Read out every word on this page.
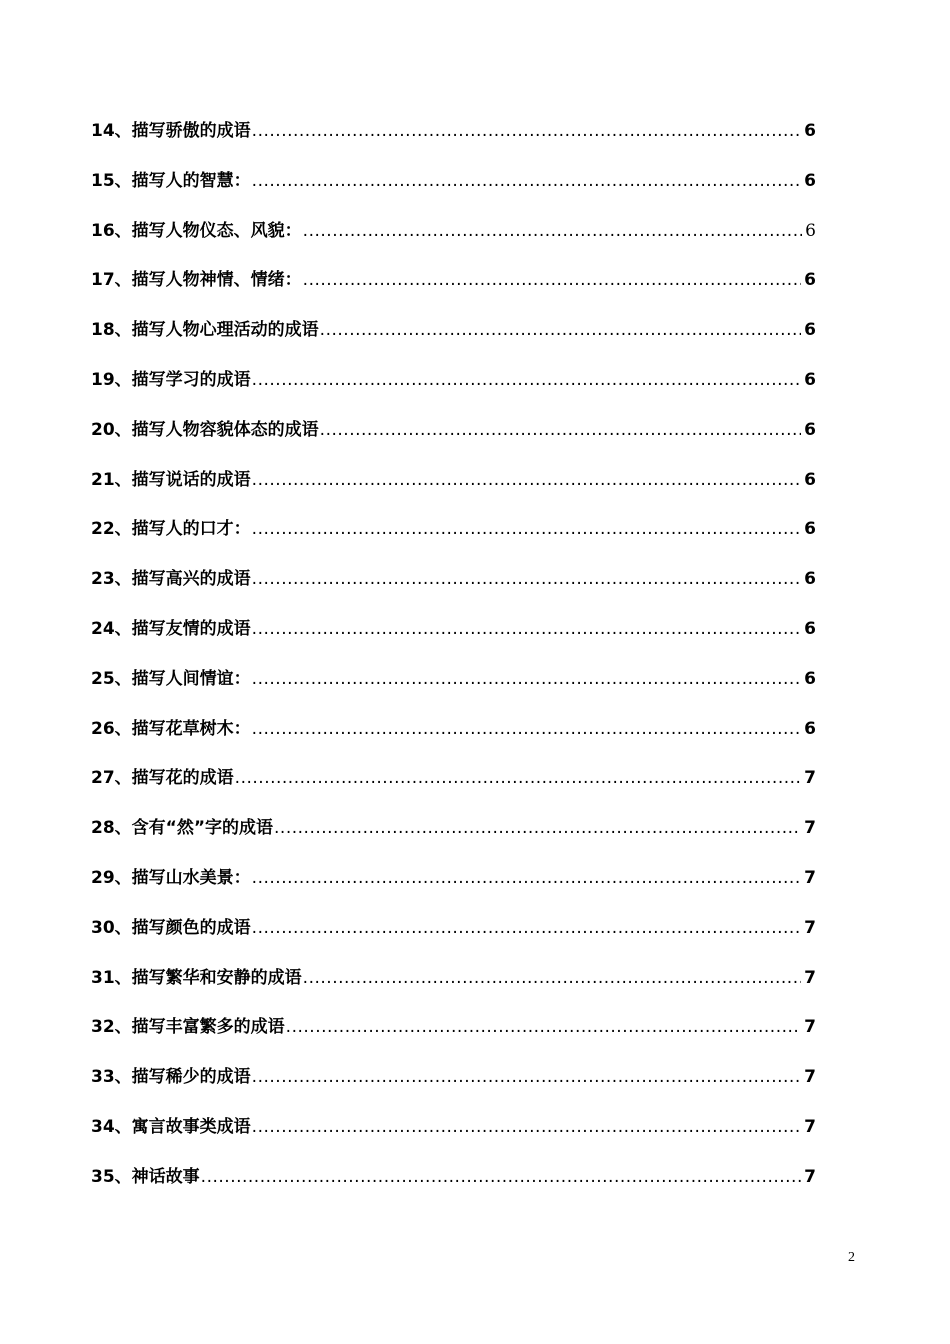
14、描写骄傲的成语 .....	6
15、描写人的智慧： .....	6
16、描写人物仪态、风貌： .....	6
17、描写人物神情、情绪： .....	6
18、描写人物心理活动的成语 .....	6
19、描写学习的成语 .....	6
20、描写人物容貌体态的成语 .....	6
21、描写说话的成语 .....	6
22、描写人的口才： .....	6
23、描写高兴的成语 .....	6
24、描写友情的成语 .....	6
25、描写人间情谊： .....	6
26、描写花草树木： .....	6
27、描写花的成语 .....	7
28、含有“然”字的成语 .....	7
29、描写山水美景： .....	7
30、描写颜色的成语 .....	7
31、描写繁华和安静的成语 .....	7
32、描写丰富繁多的成语 .....	7
33、描写稀少的成语 .....	7
34、寓言故事类成语 .....	7
35、神话故事 .....	7
2
